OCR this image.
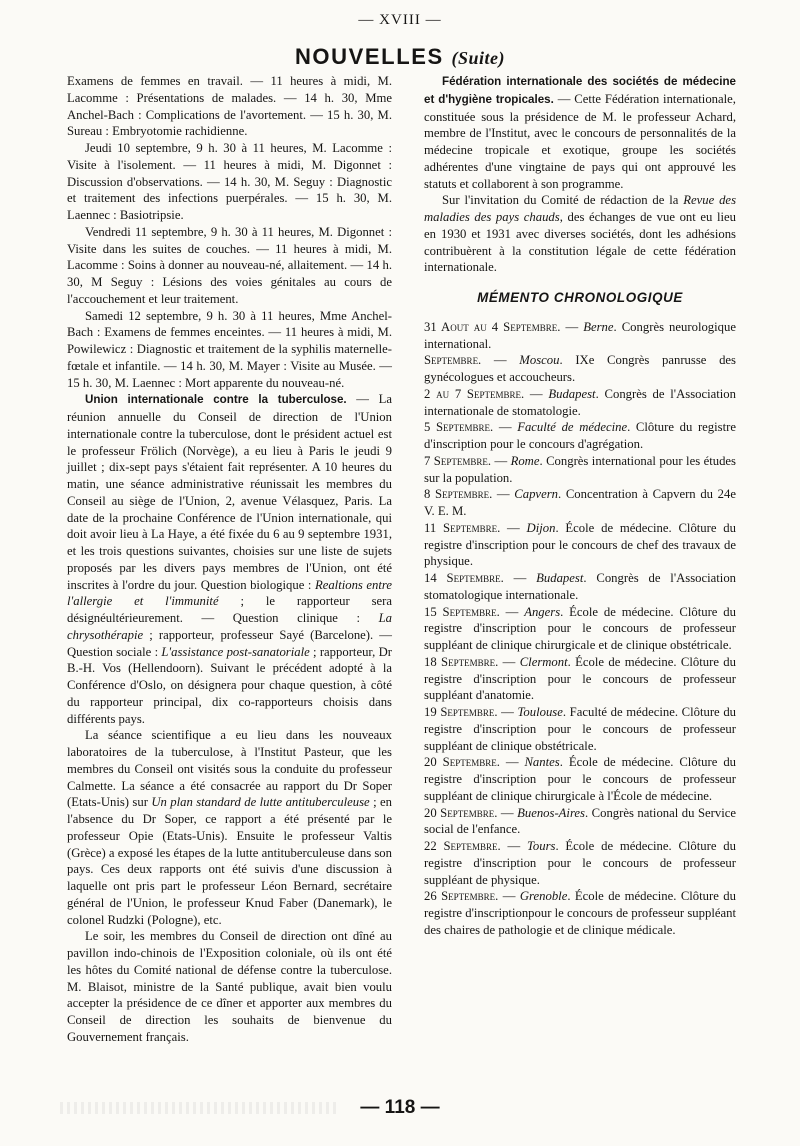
— XVIII —
NOUVELLES (Suite)

Examens de femmes en travail. — 11 heures à midi, M. Lacomme : Présentations de malades. — 14 h. 30, Mme Anchel-Bach : Complications de l'avortement. — 15 h. 30, M. Sureau : Embryotomie rachidienne.

Jeudi 10 septembre, 9 h. 30 à 11 heures, M. Lacomme : Visite à l'isolement. — 11 heures à midi, M. Digonnet : Discussion d'observations. — 14 h. 30, M. Seguy : Diagnostic et traitement des infections puerpérales. — 15 h. 30, M. Laennec : Basiotripsie.

Vendredi 11 septembre, 9 h. 30 à 11 heures, M. Digonnet : Visite dans les suites de couches. — 11 heures à midi, M. Lacomme : Soins à donner au nouveau-né, allaitement. — 14 h. 30, M Seguy : Lésions des voies génitales au cours de l'accouchement et leur traitement.

Samedi 12 septembre, 9 h. 30 à 11 heures, Mme Anchel-Bach : Examens de femmes enceintes. — 11 heures à midi, M. Powilewicz : Diagnostic et traitement de la syphilis maternelle-fœtale et infantile. — 14 h. 30, M. Mayer : Visite au Musée. — 15 h. 30, M. Laennec : Mort apparente du nouveau-né.

Union internationale contre la tuberculose. — La réunion annuelle du Conseil de direction de l'Union internationale contre la tuberculose, dont le président actuel est le professeur Frölich (Norvège), a eu lieu à Paris le jeudi 9 juillet ; dix-sept pays s'étaient fait représenter. A 10 heures du matin, une séance administrative réunissait les membres du Conseil au siège de l'Union, 2, avenue Vélasquez, Paris. La date de la prochaine Conférence de l'Union internationale, qui doit avoir lieu à La Haye, a été fixée du 6 au 9 septembre 1931, et les trois questions suivantes, choisies sur une liste de sujets proposés par les divers pays membres de l'Union, ont été inscrites à l'ordre du jour. Question biologique : Realtions entre l'allergie et l'immunité ; le rapporteur sera désignéultérieurement. — Question clinique : La chrysothérapie ; rapporteur, professeur Sayé (Barcelone). — Question sociale : L'assistance post-sanatoriale ; rapporteur, Dr B.-H. Vos (Hellendoorn). Suivant le précédent adopté à la Conférence d'Oslo, on désignera pour chaque question, à côté du rapporteur principal, dix co-rapporteurs choisis dans différents pays.

La séance scientifique a eu lieu dans les nouveaux laboratoires de la tuberculose, à l'Institut Pasteur, que les membres du Conseil ont visités sous la conduite du professeur Calmette. La séance a été consacrée au rapport du Dr Soper (Etats-Unis) sur Un plan standard de lutte antituberculeuse ; en l'absence du Dr Soper, ce rapport a été présenté par le professeur Opie (Etats-Unis). Ensuite le professeur Valtis (Grèce) a exposé les étapes de la lutte antituberculeuse dans son pays. Ces deux rapports ont été suivis d'une discussion à laquelle ont pris part le professeur Léon Bernard, secrétaire général de l'Union, le professeur Knud Faber (Danemark), le colonel Rudzki (Pologne), etc.

Le soir, les membres du Conseil de direction ont dîné au pavillon indo-chinois de l'Exposition coloniale, où ils ont été les hôtes du Comité national de défense contre la tuberculose. M. Blaisot, ministre de la Santé publique, avait bien voulu accepter la présidence de ce dîner et apporter aux membres du Conseil de direction les souhaits de bienvenue du Gouvernement français.

Fédération internationale des sociétés de médecine et d'hygiène tropicales. — Cette Fédération internationale, constituée sous la présidence de M. le professeur Achard, membre de l'Institut, avec le concours de personnalités de la médecine tropicale et exotique, groupe les sociétés adhérentes d'une vingtaine de pays qui ont approuvé les statuts et collaborent à son programme.

Sur l'invitation du Comité de rédaction de la Revue des maladies des pays chauds, des échanges de vue ont eu lieu en 1930 et 1931 avec diverses sociétés, dont les adhésions contribuèrent à la constitution légale de cette fédération internationale.

MÉMENTO CHRONOLOGIQUE

31 Aout au 4 Septembre. — Berne. Congrès neurologique international.

Septembre. — Moscou. IXe Congrès panrusse des gynécologues et accoucheurs.

2 au 7 Septembre. — Budapest. Congrès de l'Association internationale de stomatologie.

5 Septembre. — Faculté de médecine. Clôture du registre d'inscription pour le concours d'agrégation.

7 Septembre. — Rome. Congrès international pour les études sur la population.

8 Septembre. — Capvern. Concentration à Capvern du 24e V. E. M.

11 Septembre. — Dijon. École de médecine. Clôture du registre d'inscription pour le concours de chef des travaux de physique.

14 Septembre. — Budapest. Congrès de l'Association stomatologique internationale.

15 Septembre. — Angers. École de médecine. Clôture du registre d'inscription pour le concours de professeur suppléant de clinique chirurgicale et de clinique obstétricale.

18 Septembre. — Clermont. École de médecine. Clôture du registre d'inscription pour le concours de professeur suppléant d'anatomie.

19 Septembre. — Toulouse. Faculté de médecine. Clôture du registre d'inscription pour le concours de professeur suppléant de clinique obstétricale.

20 Septembre. — Nantes. École de médecine. Clôture du registre d'inscription pour le concours de professeur suppléant de clinique chirurgicale à l'École de médecine.

20 Septembre. — Buenos-Aires. Congrès national du Service social de l'enfance.

22 Septembre. — Tours. École de médecine. Clôture du registre d'inscription pour le concours de professeur suppléant de physique.

26 Septembre. — Grenoble. École de médecine. Clôture du registre d'inscriptionpour le concours de professeur suppléant des chaires de pathologie et de clinique médicale.

— 118 —
